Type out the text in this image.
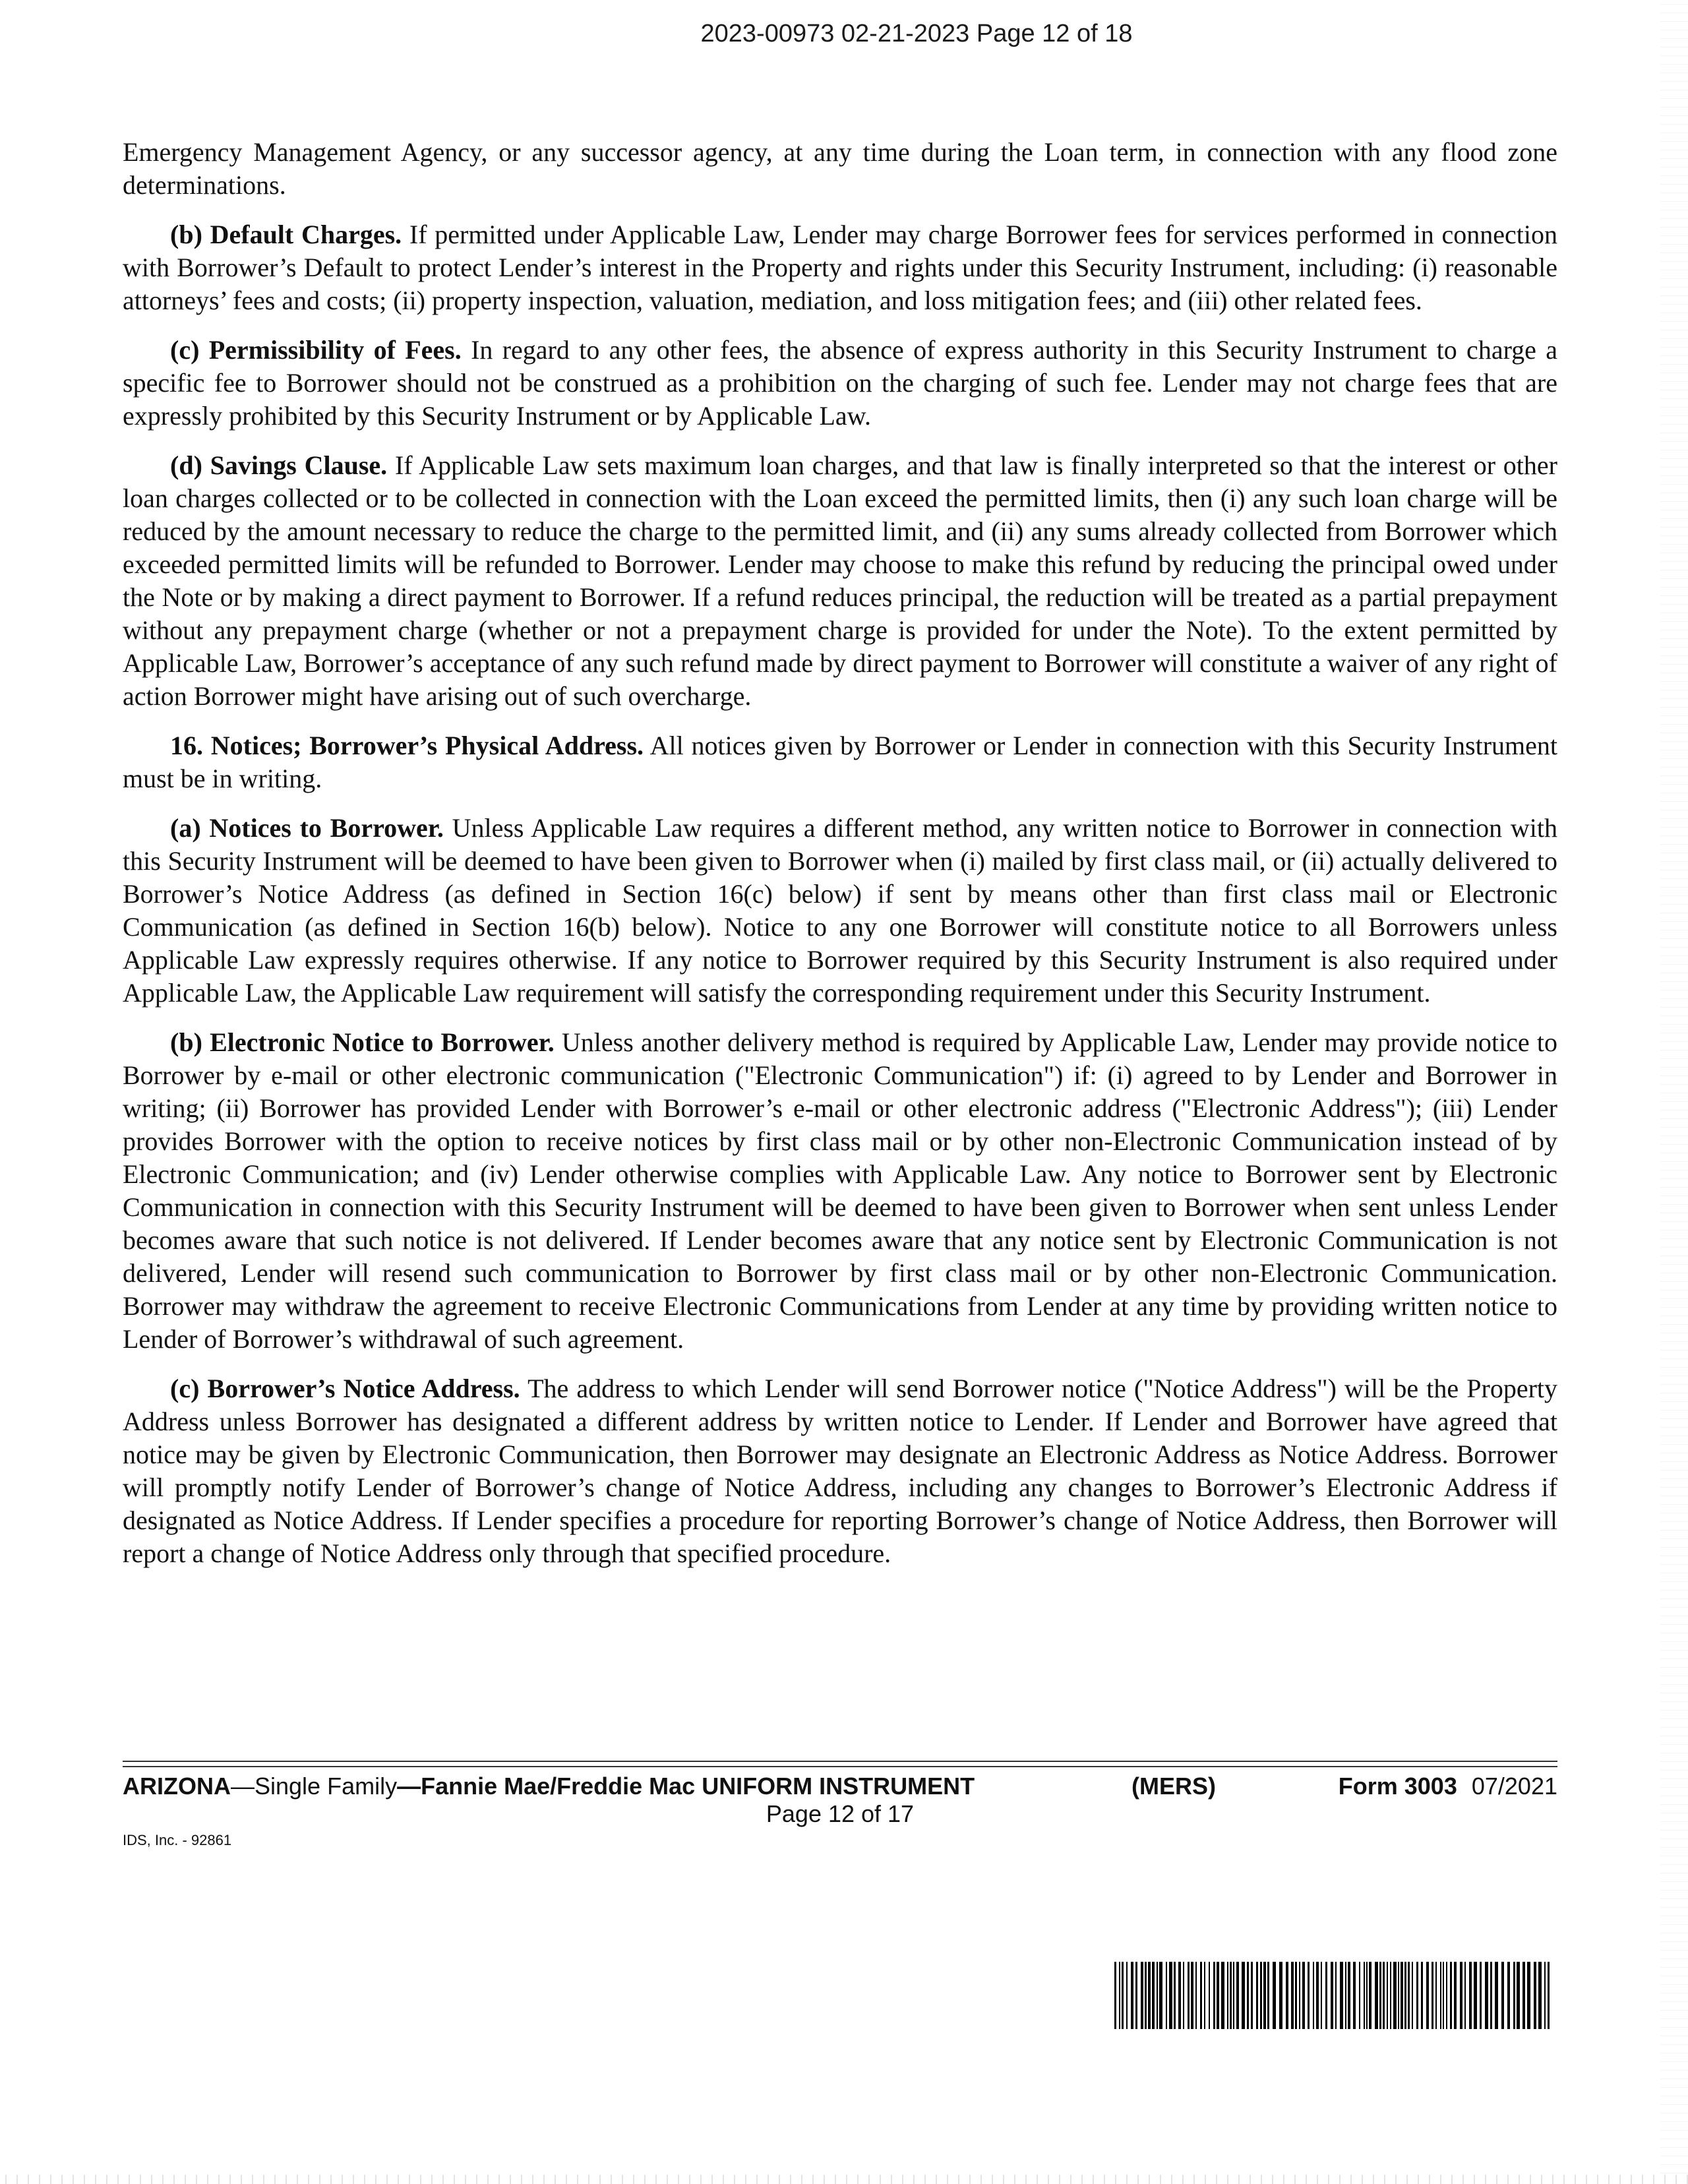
2023-00973 02-21-2023 Page 12 of 18

Emergency Management Agency, or any successor agency, at any time during the Loan term, in connection with any flood zone determinations.

(b) Default Charges. If permitted under Applicable Law, Lender may charge Borrower fees for services performed in connection with Borrower’s Default to protect Lender’s interest in the Property and rights under this Security Instrument, including: (i) reasonable attorneys’ fees and costs; (ii) property inspection, valuation, mediation, and loss mitigation fees; and (iii) other related fees.

(c) Permissibility of Fees. In regard to any other fees, the absence of express authority in this Security Instrument to charge a specific fee to Borrower should not be construed as a prohibition on the charging of such fee. Lender may not charge fees that are expressly prohibited by this Security Instrument or by Applicable Law.

(d) Savings Clause. If Applicable Law sets maximum loan charges, and that law is finally interpreted so that the interest or other loan charges collected or to be collected in connection with the Loan exceed the permitted limits, then (i) any such loan charge will be reduced by the amount necessary to reduce the charge to the permitted limit, and (ii) any sums already collected from Borrower which exceeded permitted limits will be refunded to Borrower. Lender may choose to make this refund by reducing the principal owed under the Note or by making a direct payment to Borrower. If a refund reduces principal, the reduction will be treated as a partial prepayment without any prepayment charge (whether or not a prepayment charge is provided for under the Note). To the extent permitted by Applicable Law, Borrower’s acceptance of any such refund made by direct payment to Borrower will constitute a waiver of any right of action Borrower might have arising out of such overcharge.

16. Notices; Borrower’s Physical Address. All notices given by Borrower or Lender in connection with this Security Instrument must be in writing.

(a) Notices to Borrower. Unless Applicable Law requires a different method, any written notice to Borrower in connection with this Security Instrument will be deemed to have been given to Borrower when (i) mailed by first class mail, or (ii) actually delivered to Borrower’s Notice Address (as defined in Section 16(c) below) if sent by means other than first class mail or Electronic Communication (as defined in Section 16(b) below). Notice to any one Borrower will constitute notice to all Borrowers unless Applicable Law expressly requires otherwise. If any notice to Borrower required by this Security Instrument is also required under Applicable Law, the Applicable Law requirement will satisfy the corresponding requirement under this Security Instrument.

(b) Electronic Notice to Borrower. Unless another delivery method is required by Applicable Law, Lender may provide notice to Borrower by e-mail or other electronic communication ("Electronic Communication") if: (i) agreed to by Lender and Borrower in writing; (ii) Borrower has provided Lender with Borrower’s e-mail or other electronic address ("Electronic Address"); (iii) Lender provides Borrower with the option to receive notices by first class mail or by other non-Electronic Communication instead of by Electronic Communication; and (iv) Lender otherwise complies with Applicable Law. Any notice to Borrower sent by Electronic Communication in connection with this Security Instrument will be deemed to have been given to Borrower when sent unless Lender becomes aware that such notice is not delivered. If Lender becomes aware that any notice sent by Electronic Communication is not delivered, Lender will resend such communication to Borrower by first class mail or by other non-Electronic Communication. Borrower may withdraw the agreement to receive Electronic Communications from Lender at any time by providing written notice to Lender of Borrower’s withdrawal of such agreement.

(c) Borrower’s Notice Address. The address to which Lender will send Borrower notice ("Notice Address") will be the Property Address unless Borrower has designated a different address by written notice to Lender. If Lender and Borrower have agreed that notice may be given by Electronic Communication, then Borrower may designate an Electronic Address as Notice Address. Borrower will promptly notify Lender of Borrower’s change of Notice Address, including any changes to Borrower’s Electronic Address if designated as Notice Address. If Lender specifies a procedure for reporting Borrower’s change of Notice Address, then Borrower will report a change of Notice Address only through that specified procedure.

ARIZONA—Single Family—Fannie Mae/Freddie Mac UNIFORM INSTRUMENT	(MERS)	Form 3003 07/2021
Page 12 of 17
IDS, Inc. - 92861
